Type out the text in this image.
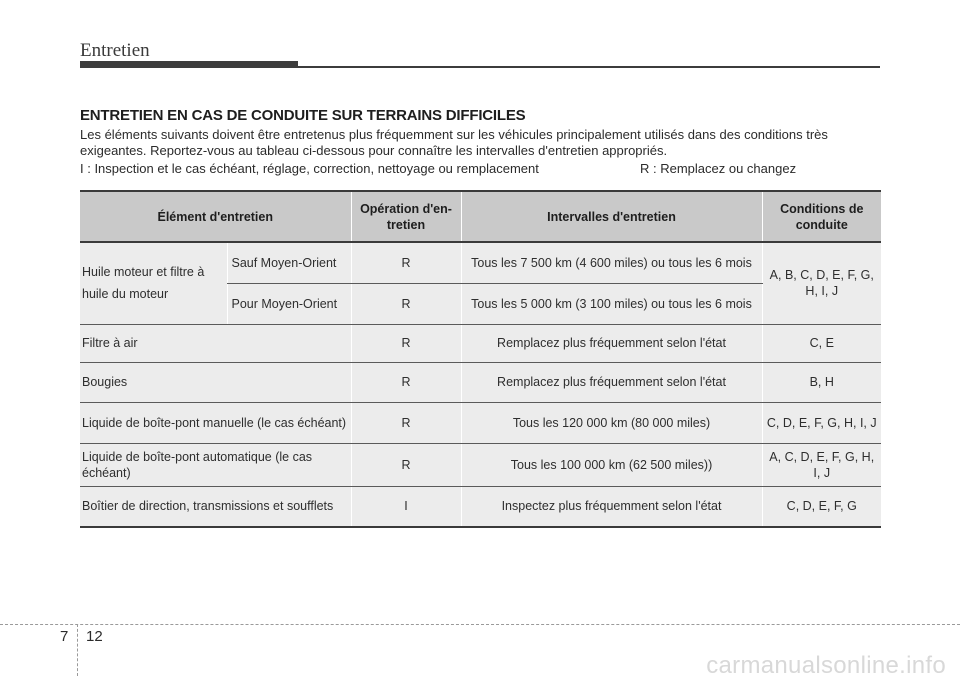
Entretien
ENTRETIEN EN CAS DE CONDUITE SUR TERRAINS DIFFICILES
Les éléments suivants doivent être entretenus plus fréquemment sur les véhicules principalement utilisés dans des conditions très exigeantes. Reportez-vous au tableau ci-dessous pour connaître les intervalles d'entretien appropriés.
I : Inspection et le cas échéant, réglage, correction, nettoyage ou remplacement	R : Remplacez ou changez
Élément d'entretien		Opération d'en-tretien	Intervalles d'entretien	Conditions de conduite
Huile moteur et filtre à huile du moteur	Sauf Moyen-Orient	R	Tous les 7 500 km (4 600 miles) ou tous les 6 mois	A, B, C, D, E, F, G, H, I, J
	Pour Moyen-Orient	R	Tous les 5 000 km (3 100 miles) ou tous les 6 mois	
Filtre à air		R	Remplacez plus fréquemment selon l'état	C, E
Bougies		R	Remplacez plus fréquemment selon l'état	B, H
Liquide de boîte-pont manuelle (le cas échéant)		R	Tous les 120 000 km (80 000 miles)	C, D, E, F, G, H, I, J
Liquide de boîte-pont automatique (le cas échéant)		R	Tous les 100 000 km (62 500 miles))	A, C, D, E, F, G, H, I, J
Boîtier de direction, transmissions et soufflets		I	Inspectez plus fréquemment selon l'état	C, D, E, F, G
7 12
carmanualsonline.info
